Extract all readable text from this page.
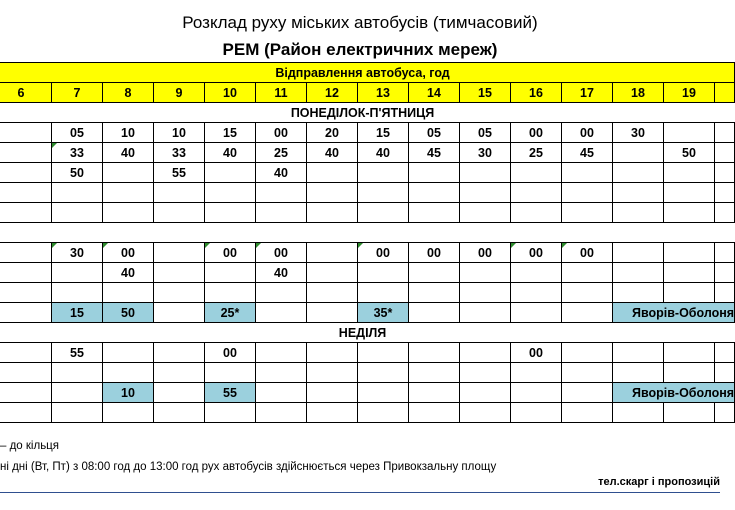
Розклад руху міських автобусів (тимчасовий)
РЕМ (Район електричних мереж)
Відправлення автобуса, год														
6	7	8	9	10	11	12	13	14	15	16	17	18	19	
ПОНЕДІЛОК-П'ЯТНИЦЯ														
	05	10	10	15	00	20	15	05	05	00	00	30		
	33	40	33	40	25	40	40	45	30	25	45		50	
	50		55		40									

	30	00		00	00		00	00	00	00	00

		40			40									

	15	50		25*			35*					Яворів-Оболоня		
НЕДІЛЯ														
	55			00						00				

		10		55								Яворів-Оболоня		

– до кільця
ні дні (Вт, Пт) з 08:00 год до 13:00 год рух автобусів здійснюється через Привокзальну площу
тел.скарг і пропозицій
